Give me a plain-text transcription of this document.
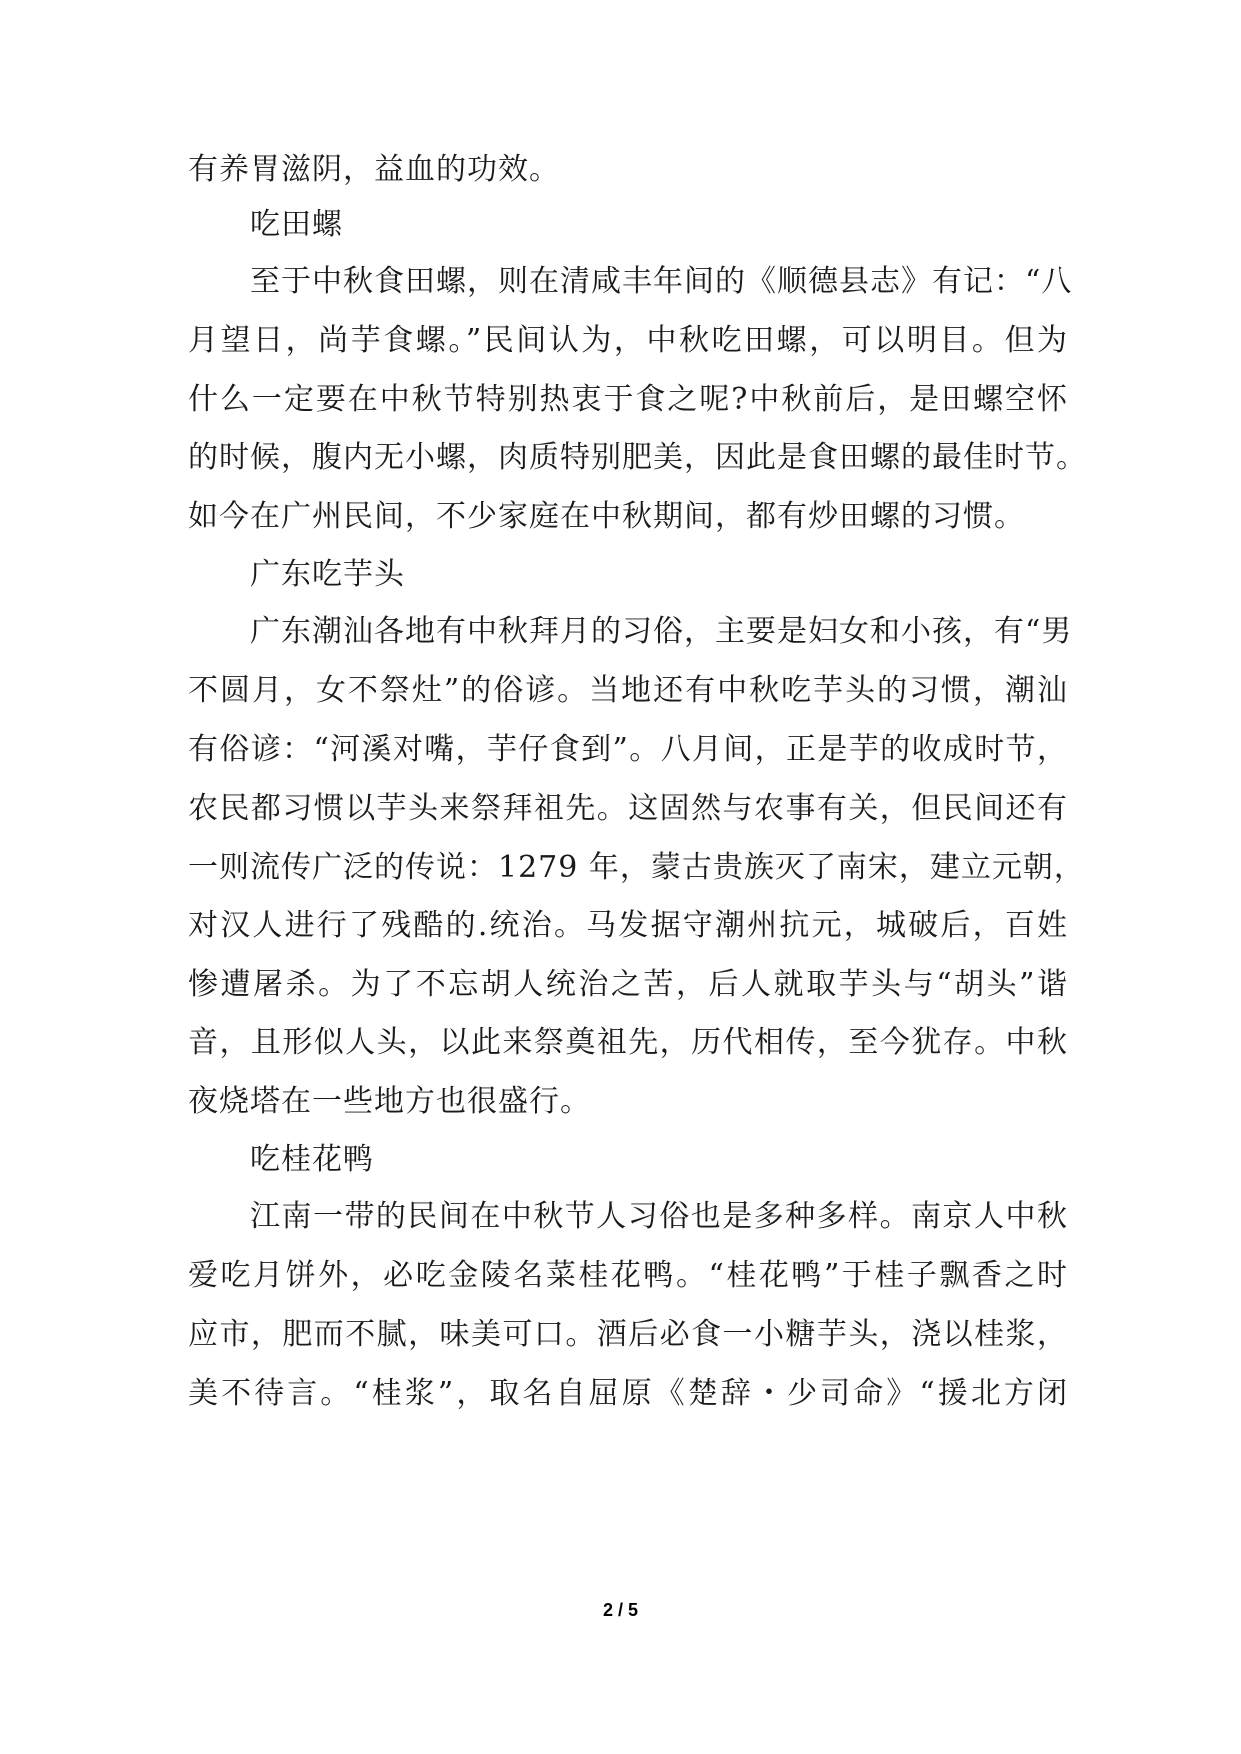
有养胃滋阴，益血的功效。
吃田螺
至于中秋食田螺，则在清咸丰年间的《顺德县志》有记：“八
月望日，尚芋食螺。”民间认为，中秋吃田螺，可以明目。但为
什么一定要在中秋节特别热衷于食之呢?中秋前后，是田螺空怀
的时候，腹内无小螺，肉质特别肥美，因此是食田螺的最佳时节。
如今在广州民间，不少家庭在中秋期间，都有炒田螺的习惯。
广东吃芋头
广东潮汕各地有中秋拜月的习俗，主要是妇女和小孩，有“男
不圆月，女不祭灶”的俗谚。当地还有中秋吃芋头的习惯，潮汕
有俗谚：“河溪对嘴，芋仔食到”。八月间，正是芋的收成时节，
农民都习惯以芋头来祭拜祖先。这固然与农事有关，但民间还有
一则流传广泛的传说：1279 年，蒙古贵族灭了南宋，建立元朝，
对汉人进行了残酷的.统治。马发据守潮州抗元，城破后，百姓
惨遭屠杀。为了不忘胡人统治之苦，后人就取芋头与“胡头”谐
音，且形似人头，以此来祭奠祖先，历代相传，至今犹存。中秋
夜烧塔在一些地方也很盛行。
吃桂花鸭
江南一带的民间在中秋节人习俗也是多种多样。南京人中秋
爱吃月饼外，必吃金陵名菜桂花鸭。“桂花鸭”于桂子飘香之时
应市，肥而不腻，味美可口。酒后必食一小糖芋头，浇以桂浆，
美不待言。“桂浆”，取名自屈原《楚辞・少司命》“援北方闭
2 / 5
